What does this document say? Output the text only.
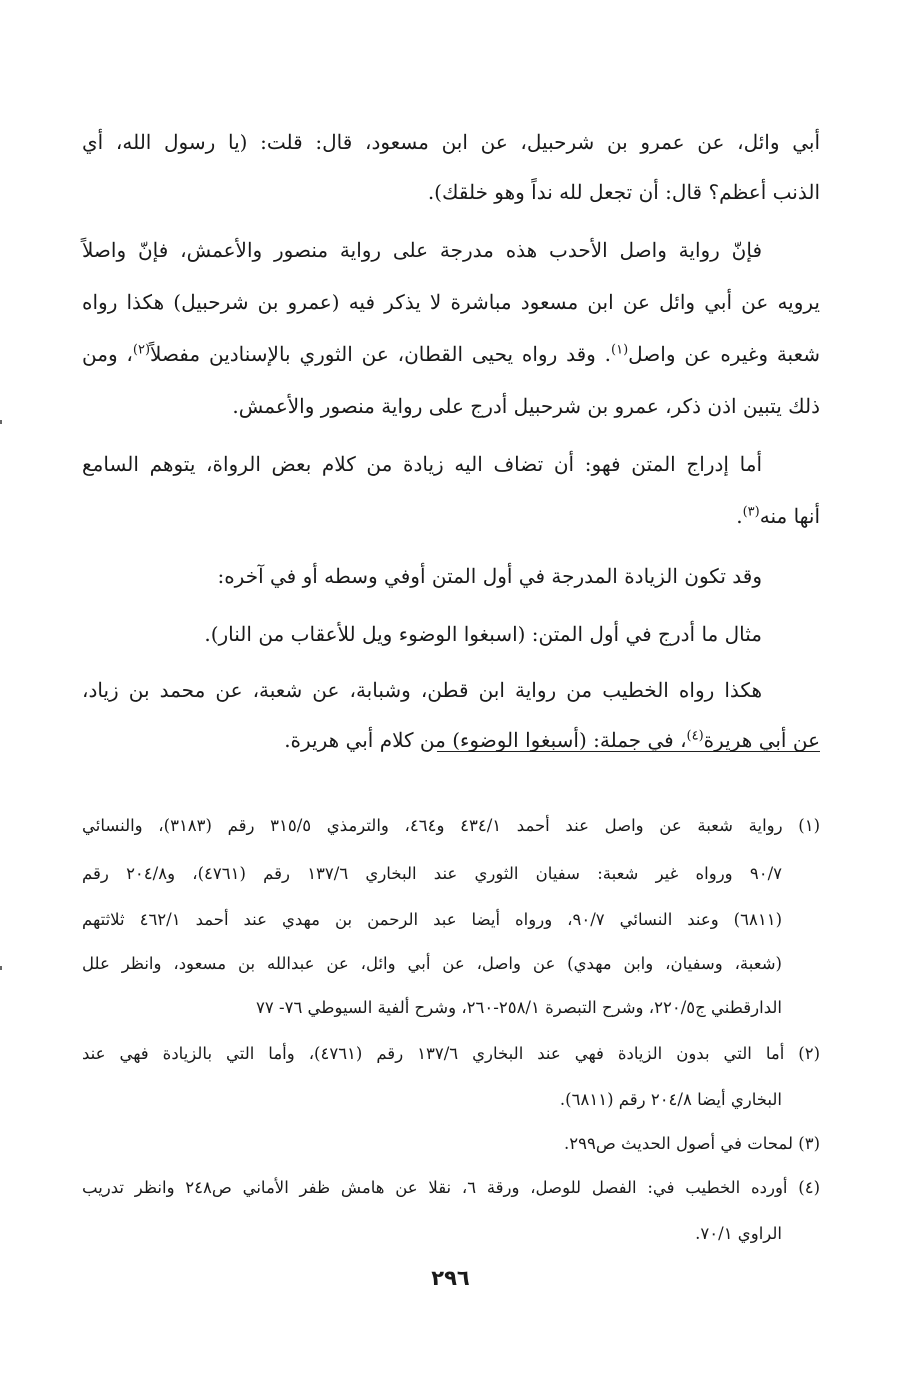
أبي وائل، عن عمرو بن شرحبيل، عن ابن مسعود، قال: قلت: (يا رسول الله، أي

الذنب أعظم؟ قال: أن تجعل لله نداً وهو خلقك).

فإنّ رواية واصل الأحدب هذه مدرجة على رواية منصور والأعمش، فإنّ واصلاً

يرويه عن أبي وائل عن ابن مسعود مباشرة لا يذكر فيه (عمرو بن شرحبيل) هكذا رواه

شعبة وغيره عن واصل$^{(١)}$. وقد رواه يحيى القطان، عن الثوري بالإسنادين مفصلاً$^{(٢)}$، ومن

ذلك يتبين اذن ذكر، عمرو بن شرحبيل أدرج على رواية منصور والأعمش.

أما إدراج المتن فهو: أن تضاف اليه زيادة من كلام بعض الرواة، يتوهم السامع

أنها منه$^{(٣)}$.

وقد تكون الزيادة المدرجة في أول المتن أوفي وسطه أو في آخره:

مثال ما أدرج في أول المتن: (اسبغوا الوضوء ويل للأعقاب من النار).

هكذا رواه الخطيب من رواية ابن قطن، وشبابة، عن شعبة، عن محمد بن زياد،

عن أبي هريرة$^{(٤)}$، في جملة: (أسبغوا الوضوء) من كلام أبي هريرة.

(١) رواية شعبة عن واصل عند أحمد ٤٣٤/١ و٤٦٤، والترمذي ٣١٥/٥ رقم (٣١٨٣)، والنسائي

٩٠/٧ ورواه غير شعبة: سفيان الثوري عند البخاري ١٣٧/٦ رقم (٤٧٦١)، و٢٠٤/٨ رقم

(٦٨١١) وعند النسائي ٩٠/٧، ورواه أيضا عبد الرحمن بن مهدي عند أحمد ٤٦٢/١ ثلاثتهم

(شعبة، وسفيان، وابن مهدي) عن واصل، عن أبي وائل، عن عبدالله بن مسعود، وانظر علل

الدارقطني ج٢٢٠/٥، وشرح التبصرة ٢٥٨/١-٢٦٠، وشرح ألفية السيوطي ٧٦- ٧٧

(٢) أما التي بدون الزيادة فهي عند البخاري ١٣٧/٦ رقم (٤٧٦١)، وأما التي بالزيادة فهي عند

البخاري أيضا ٢٠٤/٨ رقم (٦٨١١).

(٣) لمحات في أصول الحديث ص٢٩٩.

(٤) أورده الخطيب في: الفصل للوصل، ورقة ٦، نقلا عن هامش ظفر الأماني ص٢٤٨ وانظر تدريب

الراوي ٧٠/١.

٢٩٦
